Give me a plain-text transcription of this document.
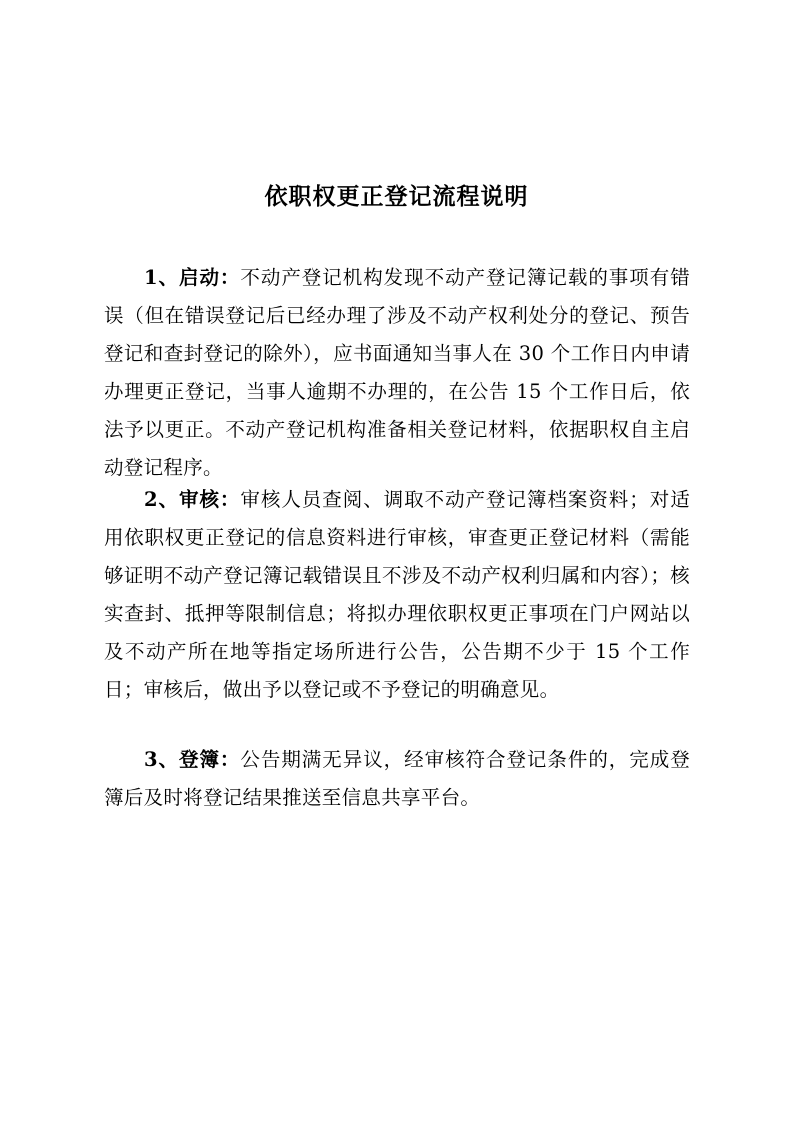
依职权更正登记流程说明
1、启动：不动产登记机构发现不动产登记簿记载的事项有错误（但在错误登记后已经办理了涉及不动产权利处分的登记、预告登记和查封登记的除外），应书面通知当事人在 30 个工作日内申请办理更正登记，当事人逾期不办理的，在公告 15 个工作日后，依法予以更正。不动产登记机构准备相关登记材料，依据职权自主启动登记程序。
2、审核：审核人员查阅、调取不动产登记簿档案资料；对适用依职权更正登记的信息资料进行审核，审查更正登记材料（需能够证明不动产登记簿记载错误且不涉及不动产权利归属和内容）；核实查封、抵押等限制信息；将拟办理依职权更正事项在门户网站以及不动产所在地等指定场所进行公告，公告期不少于 15 个工作日；审核后，做出予以登记或不予登记的明确意见。
3、登簿：公告期满无异议，经审核符合登记条件的，完成登簿后及时将登记结果推送至信息共享平台。
